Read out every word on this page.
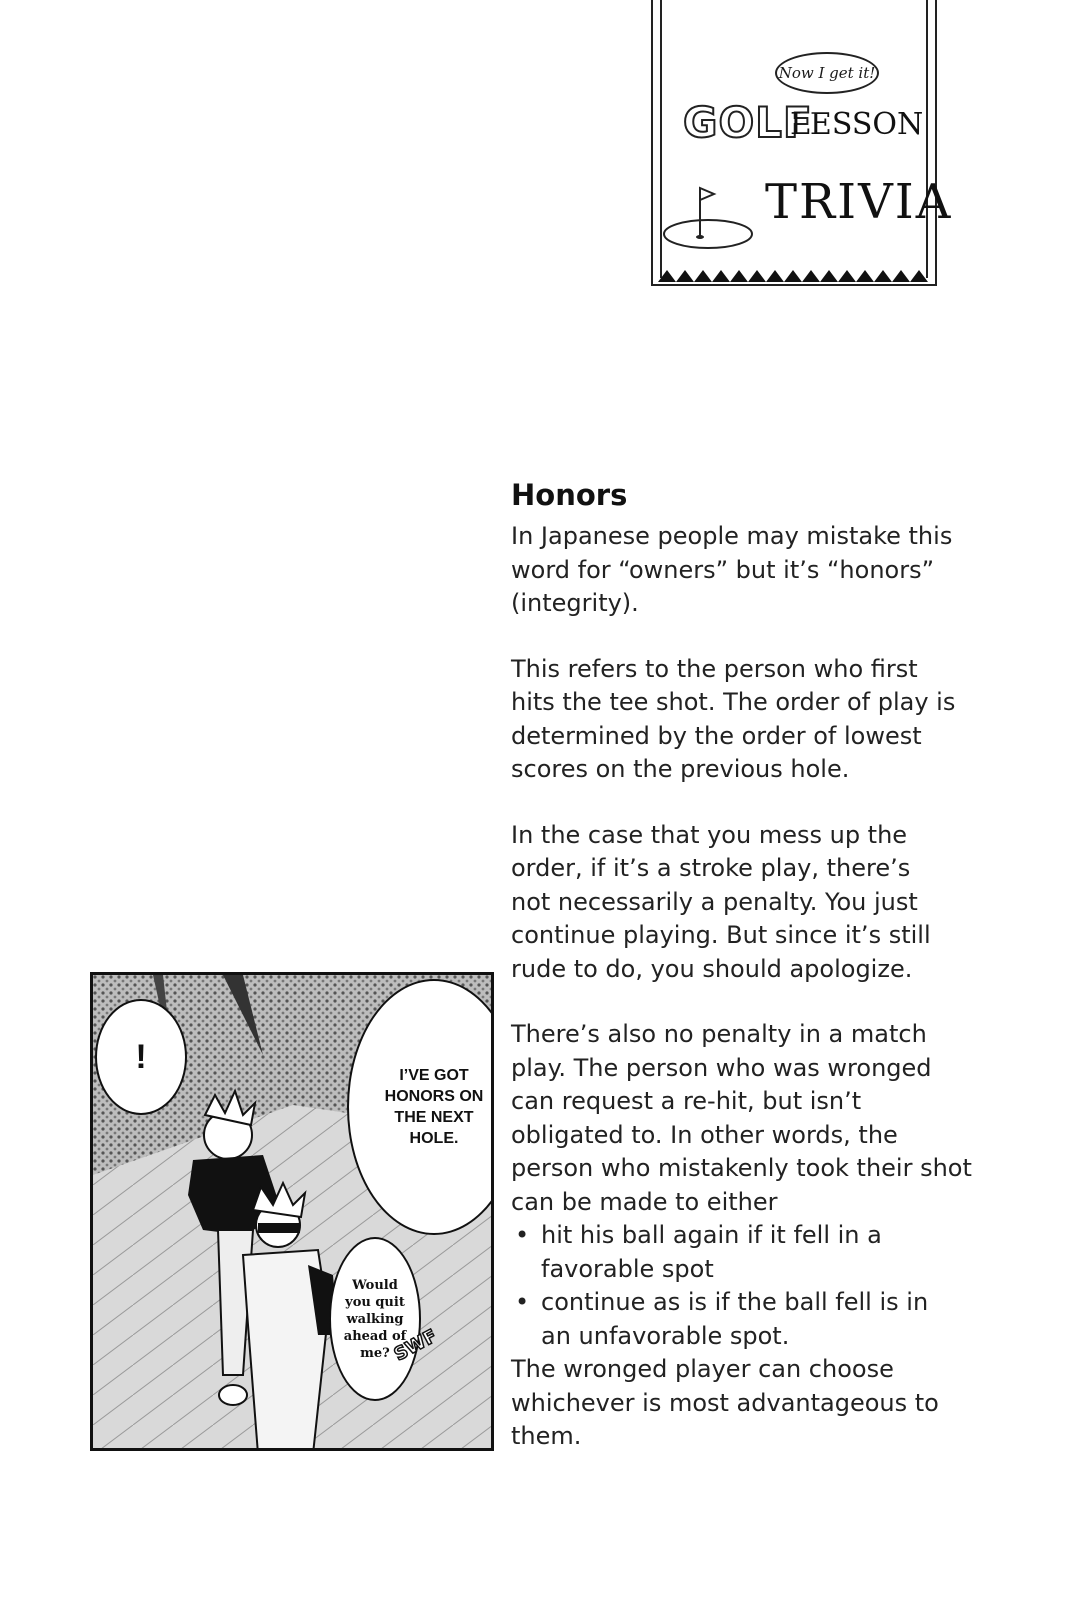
Now I get it!
GOLF
LESSON
TRIVIA
Honors

In Japanese people may mistake this
word for “owners” but it’s “honors”
(integrity).

This refers to the person who first
hits the tee shot. The order of play is
determined by the order of lowest
scores on the previous hole.

In the case that you mess up the
order, if it’s a stroke play, there’s
not necessarily a penalty. You just
continue playing. But since it’s still
rude to do, you should apologize.

There’s also no penalty in a match
play. The person who was wronged
can request a re-hit, but isn’t
obligated to. In other words, the
person who mistakenly took their shot
can be made to either

• hit his ball again if it fell in a
favorable spot
• continue as is if the ball fell is in
an unfavorable spot.

The wronged player can choose
whichever is most advantageous to
them.

!	I’VE GOT
HONORS ON
THE NEXT
HOLE.
Would
you quit
walking
ahead of
me? SWF
